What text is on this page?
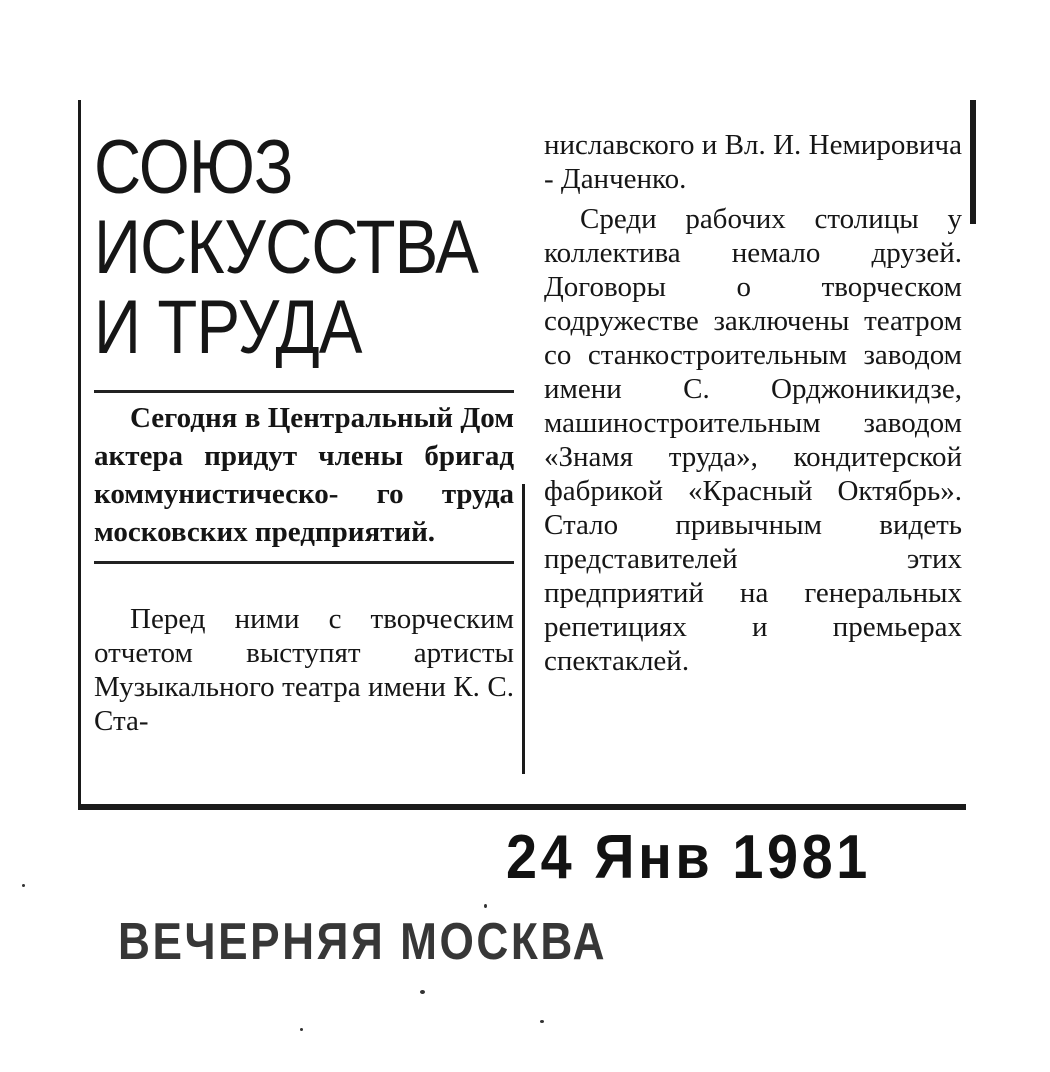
СОЮЗ
ИСКУССТВА
И ТРУДА
Сегодня в Центральный Дом актера придут члены бригад коммунистическо- го труда московских предприятий.

Перед ними с творческим отчетом выступят артисты Музыкального театра имени К. С. Ста-

ниславского и Вл. И. Немировича - Данченко.

Среди рабочих столицы у коллектива немало друзей. Договоры о творческом содружестве заключены театром со станкостроительным заводом имени С. Орджоникидзе, машиностроительным заводом «Знамя труда», кондитерской фабрикой «Красный Октябрь». Стало привычным видеть представителей этих предприятий на генеральных репетициях и премьерах спектаклей.

24 Янв 1981
ВЕЧЕРНЯЯ МОСКВА
